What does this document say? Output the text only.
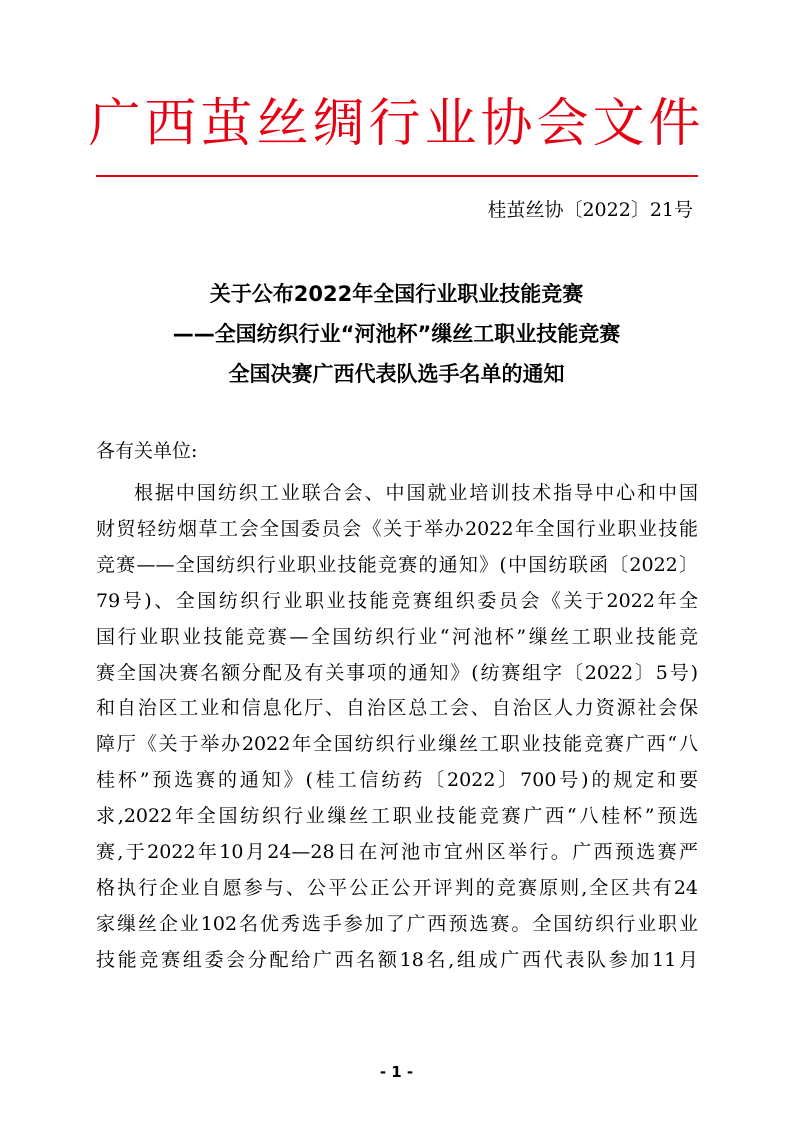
广西茧丝绸行业协会文件
桂茧丝协〔2022〕21号
关于公布2022年全国行业职业技能竞赛
——全国纺织行业“河池杯”缫丝工职业技能竞赛
全国决赛广西代表队选手名单的通知
各有关单位:
根据中国纺织工业联合会、中国就业培训技术指导中心和中国
财贸轻纺烟草工会全国委员会《关于举办2022年全国行业职业技能
竞赛——全国纺织行业职业技能竞赛的通知》(中国纺联函〔2022〕
79号)、全国纺织行业职业技能竞赛组织委员会《关于2022年全
国行业职业技能竞赛—全国纺织行业“河池杯”缫丝工职业技能竞
赛全国决赛名额分配及有关事项的通知》(纺赛组字〔2022〕5号)
和自治区工业和信息化厅、自治区总工会、自治区人力资源社会保
障厅《关于举办2022年全国纺织行业缫丝工职业技能竞赛广西“八
桂杯”预选赛的通知》(桂工信纺药〔2022〕700号)的规定和要
求,2022年全国纺织行业缫丝工职业技能竞赛广西“八桂杯”预选
赛,于2022年10月24—28日在河池市宜州区举行。广西预选赛严
格执行企业自愿参与、公平公正公开评判的竞赛原则,全区共有24
家缫丝企业102名优秀选手参加了广西预选赛。全国纺织行业职业
技能竞赛组委会分配给广西名额18名,组成广西代表队参加11月
- 1 -
